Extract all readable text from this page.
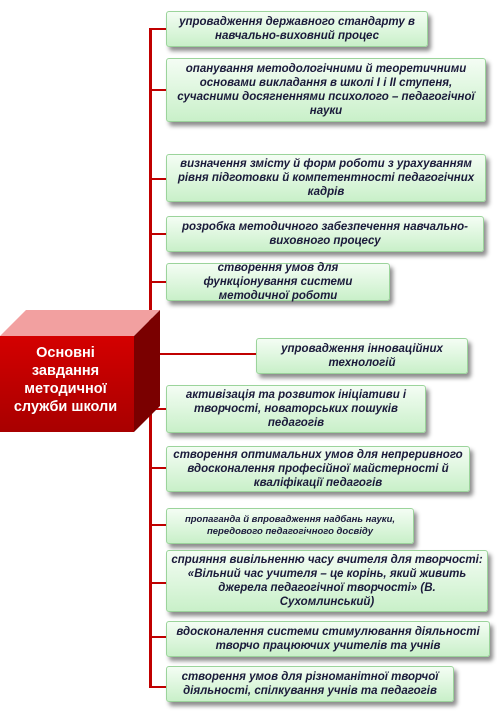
Основні завдання методичної служби школи
упровадження державного стандарту в навчально-виховний процес
опанування методологічними й теоретичними основами викладання в школі І і ІІ ступеня, сучасними досягненнями психолого – педагогічної науки
визначення змісту й форм роботи з урахуванням рівня підготовки й компетентності педагогічних кадрів
розробка методичного забезпечення навчально-виховного процесу
створення умов для функціонування системи методичної роботи
упровадження інноваційних технологій
активізація та розвиток ініціативи і творчості, новаторських пошуків педагогів
створення оптимальних умов для непреривного вдосконалення професійної майстерності й кваліфікації педагогів
пропаганда й впровадження надбань науки, передового педагогічного досвіду
сприяння вивільненню часу вчителя для творчості: «Вільний час учителя – це корінь, який живить джерела педагогічної творчості» (В. Сухомлинський)
вдосконалення системи стимулювання діяльності творчо працюючих учителів та учнів
створення умов для різноманітної творчої діяльності, спілкування учнів та педагогів
